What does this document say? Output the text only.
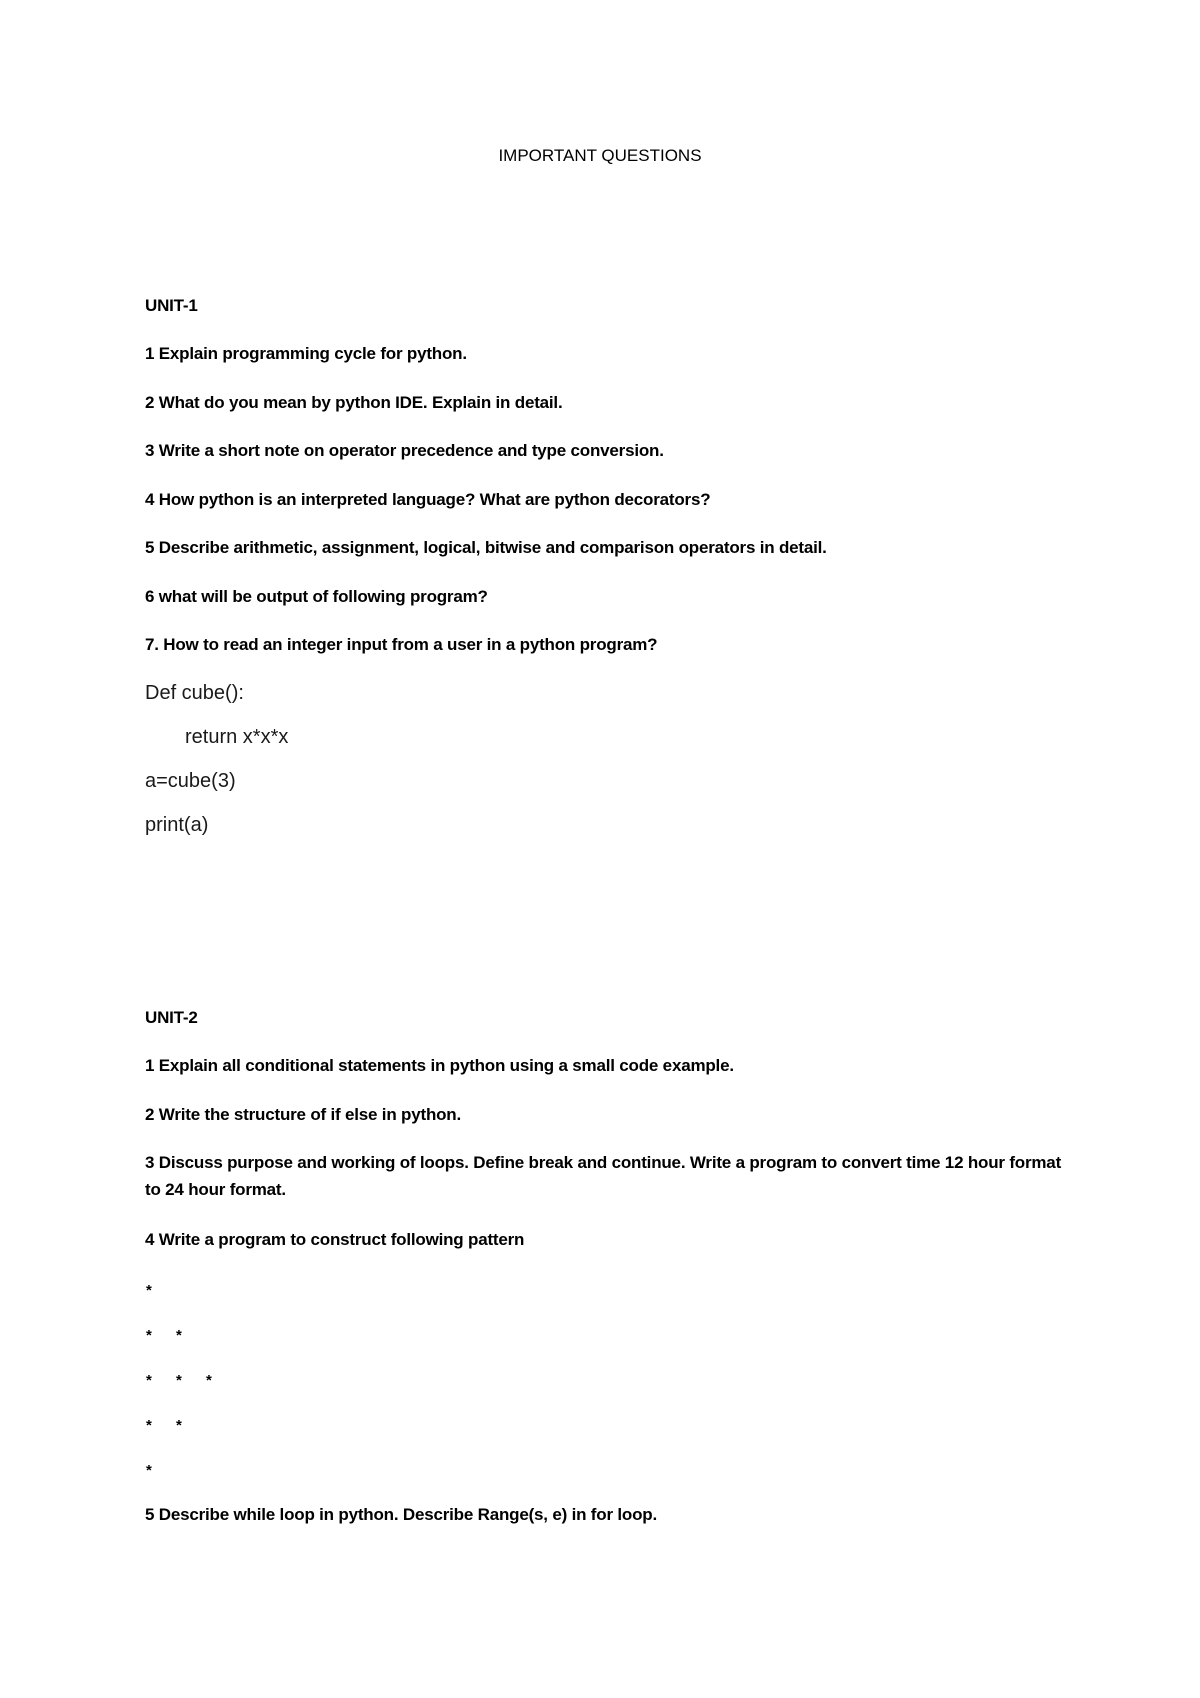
IMPORTANT QUESTIONS
UNIT-1
1 Explain programming cycle for python.
2 What do you mean by python IDE. Explain in detail.
3 Write a short note on operator precedence and type conversion.
4 How python is an interpreted language? What are python decorators?
5 Describe arithmetic, assignment, logical, bitwise and comparison operators in detail.
6 what will be output of following program?
7. How to read an integer input from a user in a python program?
Def cube():
return x*x*x
a=cube(3)
print(a)
UNIT-2
1 Explain all conditional statements in python using a small code example.
2 Write the structure of if else in python.
3 Discuss purpose and working of loops. Define break and continue. Write a program to convert time 12 hour format to 24 hour format.
4 Write a program to construct following pattern
*
* *
* * *
* *
*
5 Describe while loop in python. Describe Range(s, e) in for loop.
